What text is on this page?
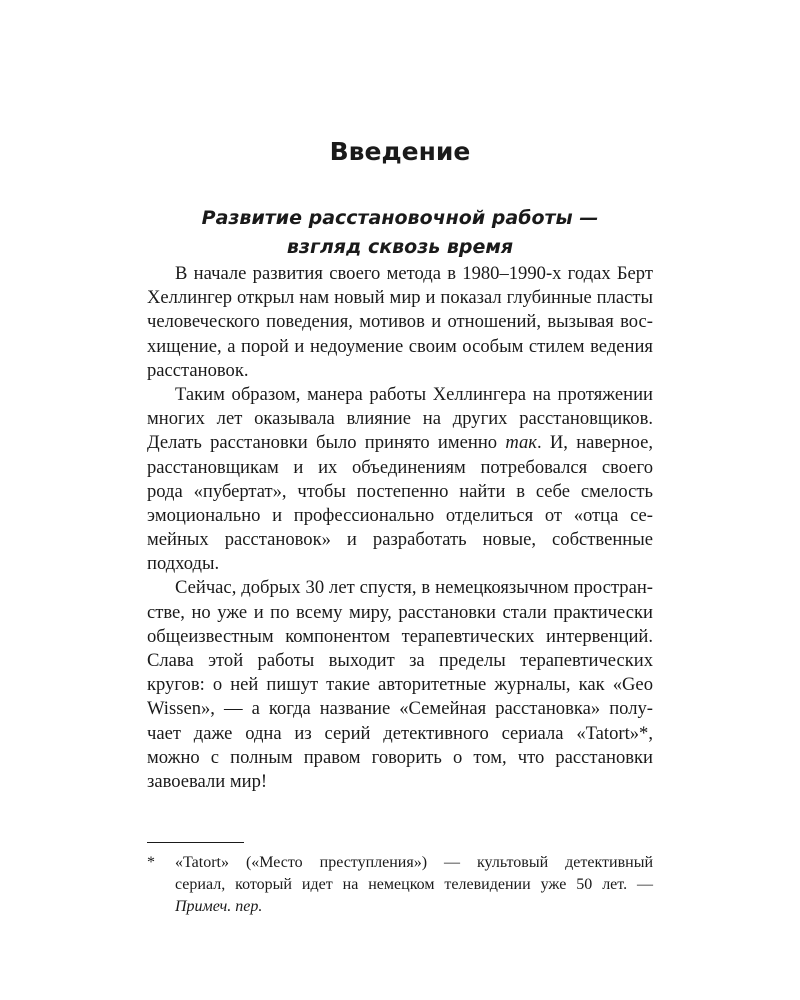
Введение
Развитие расстановочной работы —
взгляд сквозь время
В начале развития своего метода в 1980–1990-х годах Берт
Хеллингер открыл нам новый мир и показал глубинные пласты
человеческого поведения, мотивов и отношений, вызывая вос-
хищение, а порой и недоумение своим особым стилем ведения
расстановок.
Таким образом, манера работы Хеллингера на протяжении
многих лет оказывала влияние на других расстановщиков.
Делать расстановки было принято именно так. И, наверное,
расстановщикам и их объединениям потребовался своего
рода «пубертат», чтобы постепенно найти в себе смелость
эмоционально и профессионально отделиться от «отца се-
мейных расстановок» и разработать новые, собственные
подходы.
Сейчас, добрых 30 лет спустя, в немецкоязычном простран-
стве, но уже и по всему миру, расстановки стали практически
общеизвестным компонентом терапевтических интервенций.
Слава этой работы выходит за пределы терапевтических
кругов: о ней пишут такие авторитетные журналы, как «Geo
Wissen», — а когда название «Семейная расстановка» полу-
чает даже одна из серий детективного сериала «Tatort»*,
можно с полным правом говорить о том, что расстановки
завоевали мир!
* «Tatort» («Место преступления») — культовый детективный
сериал, который идет на немецком телевидении уже 50 лет. —
Примеч. пер.
